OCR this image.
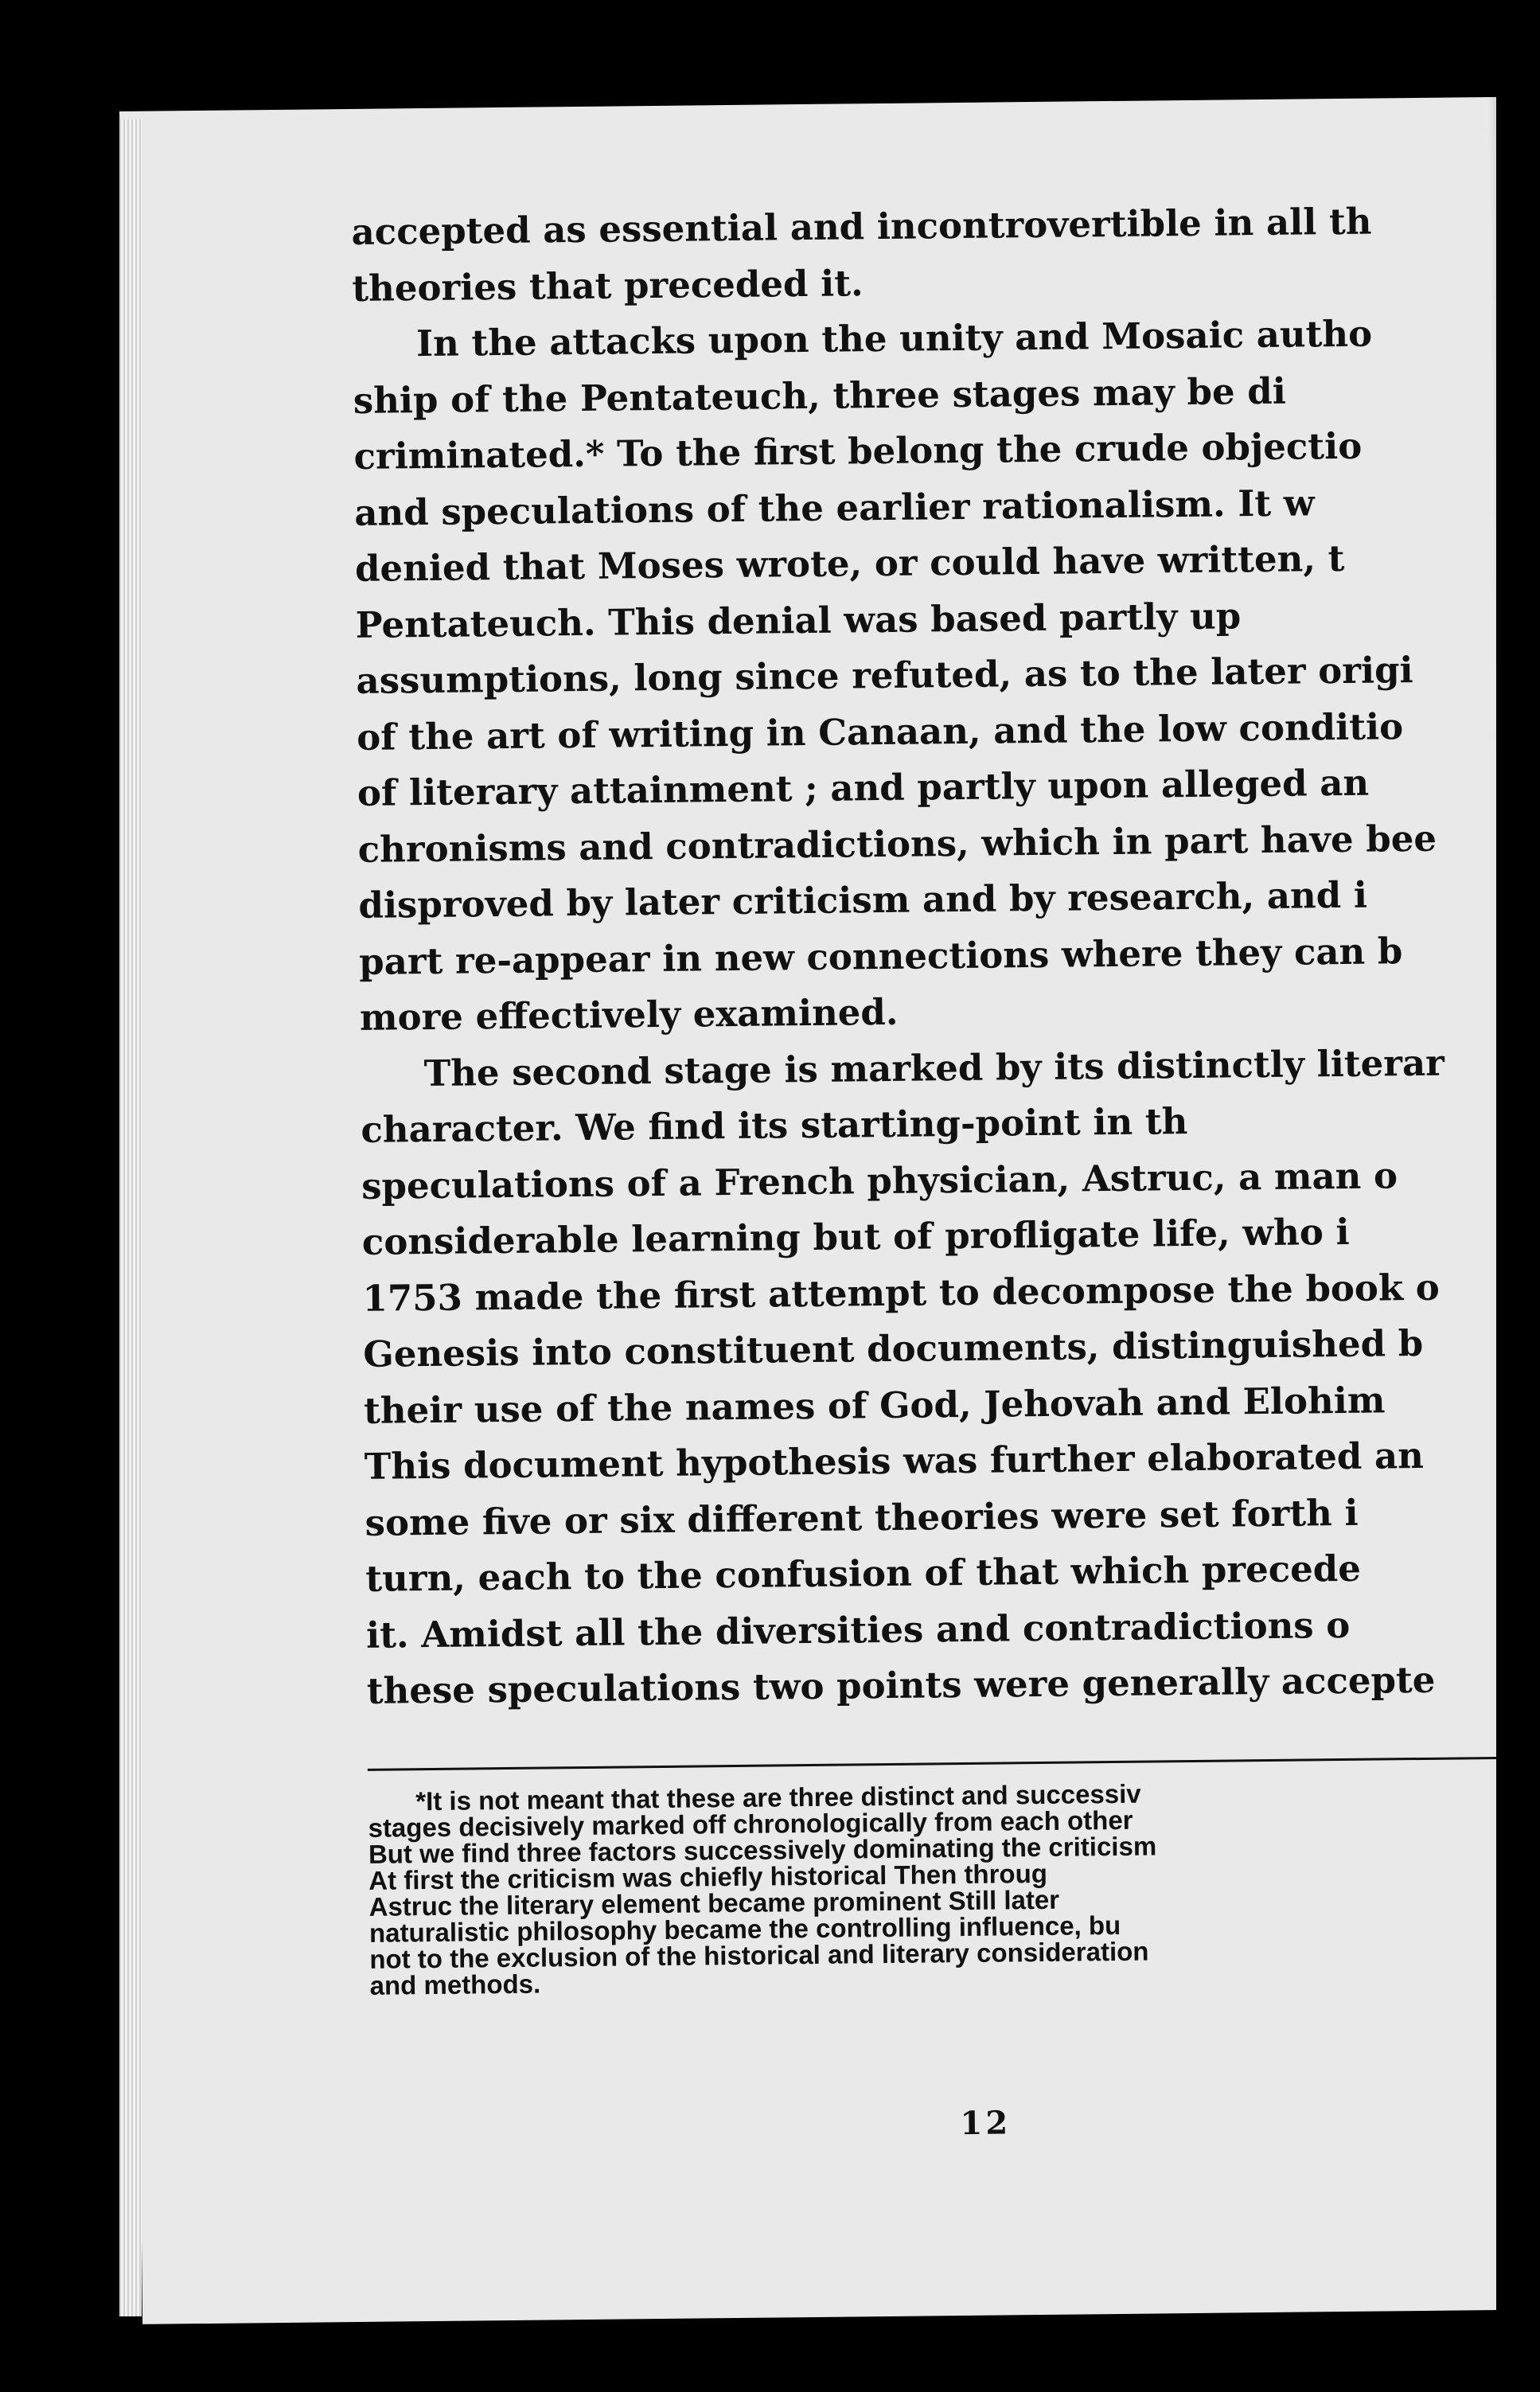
accepted as essential and incontrovertible in all th
theories that preceded it.

In the attacks upon the unity and Mosaic autho
ship of the Pentateuch, three stages may be di
criminated.* To the first belong the crude objectio
and speculations of the earlier rationalism. It w
denied that Moses wrote, or could have written, t
Pentateuch. This denial was based partly up
assumptions, long since refuted, as to the later origi
of the art of writing in Canaan, and the low conditio
of literary attainment ; and partly upon alleged an
chronisms and contradictions, which in part have bee
disproved by later criticism and by research, and i
part re-appear in new connections where they can b
more effectively examined.

The second stage is marked by its distinctly literar
character. We find its starting-point in th
speculations of a French physician, Astruc, a man o
considerable learning but of profligate life, who i
1753 made the first attempt to decompose the book o
Genesis into constituent documents, distinguished b
their use of the names of God, Jehovah and Elohim
This document hypothesis was further elaborated an
some five or six different theories were set forth i
turn, each to the confusion of that which precede
it. Amidst all the diversities and contradictions o
these speculations two points were generally accepte

*It is not meant that these are three distinct and successiv
stages decisively marked off chronologically from each other
But we find three factors successively dominating the criticism
At first the criticism was chiefly historical Then throug
Astruc the literary element became prominent Still later
naturalistic philosophy became the controlling influence, bu
not to the exclusion of the historical and literary consideration
and methods.
12
